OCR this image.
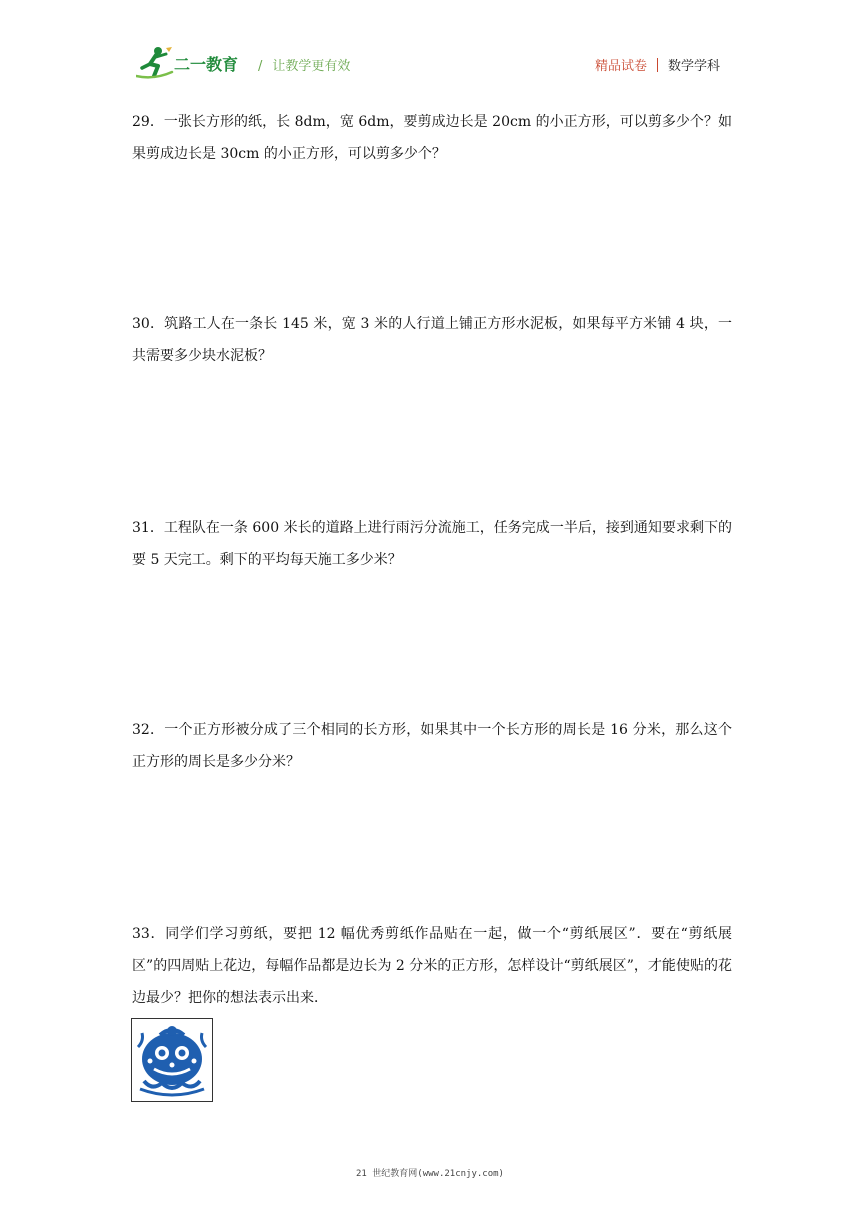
二一教育 / 让教学更有效	精品试卷 数学学科
29．一张长方形的纸，长 8dm，宽 6dm，要剪成边长是 20cm 的小正方形，可以剪多少个？如果剪成边长是 30cm 的小正方形，可以剪多少个？
30．筑路工人在一条长 145 米，宽 3 米的人行道上铺正方形水泥板，如果每平方米铺 4 块，一共需要多少块水泥板？
31．工程队在一条 600 米长的道路上进行雨污分流施工，任务完成一半后，接到通知要求剩下的要 5 天完工。剩下的平均每天施工多少米？
32．一个正方形被分成了三个相同的长方形，如果其中一个长方形的周长是 16 分米，那么这个正方形的周长是多少分米？
33．同学们学习剪纸，要把 12 幅优秀剪纸作品贴在一起，做一个“剪纸展区”．要在“剪纸展区”的四周贴上花边，每幅作品都是边长为 2 分米的正方形，怎样设计“剪纸展区”，才能使贴的花边最少？把你的想法表示出来．
21 世纪教育网(www.21cnjy.com)
